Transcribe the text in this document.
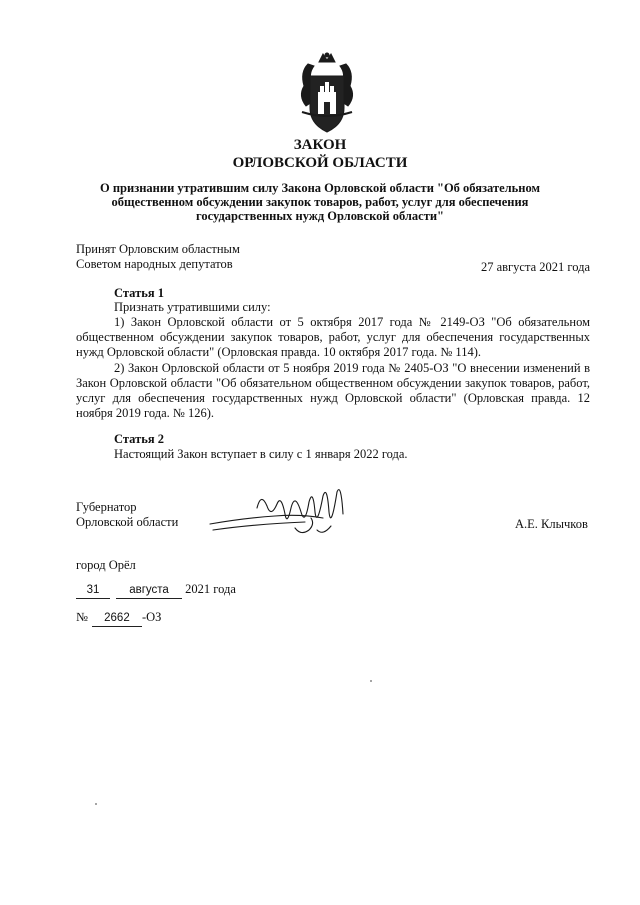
ЗАКОН
ОРЛОВСКОЙ ОБЛАСТИ
О признании утратившим силу Закона Орловской области "Об обязательном общественном обсуждении закупок товаров, работ, услуг для обеспечения государственных нужд Орловской области"
Принят Орловским областным
Советом народных депутатов	27 августа 2021 года
Статья 1
Признать утратившими силу:
1) Закон Орловской области от 5 октября 2017 года № 2149-ОЗ "Об обязательном общественном обсуждении закупок товаров, работ, услуг для обеспечения государственных нужд Орловской области" (Орловская правда. 10 октября 2017 года. № 114).
2) Закон Орловской области от 5 ноября 2019 года № 2405-ОЗ "О внесении изменений в Закон Орловской области "Об обязательном общественном обсуждении закупок товаров, работ, услуг для обеспечения государственных нужд Орловской области" (Орловская правда. 12 ноября 2019 года. № 126).
Статья 2
Настоящий Закон вступает в силу с 1 января 2022 года.
Губернатор
Орловской области	А.Е. Клычков
город Орёл
31	августа 2021 года
№ 2662 -ОЗ
